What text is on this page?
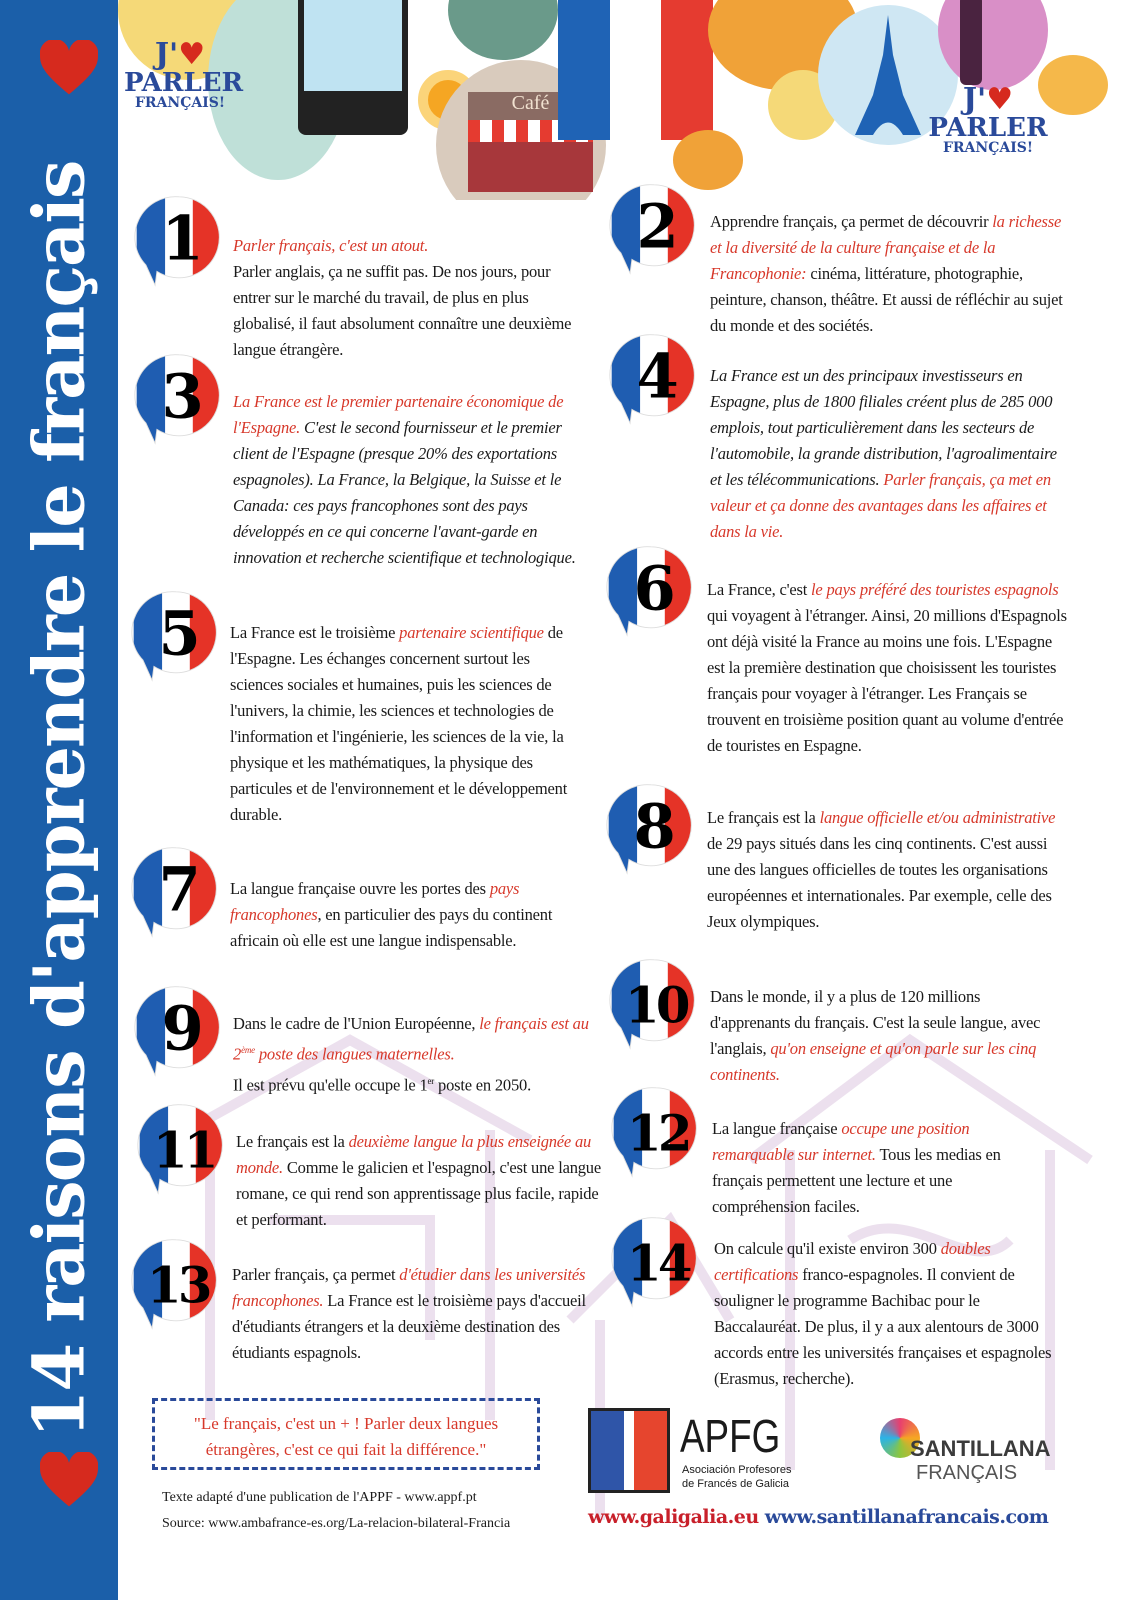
14 raisons d'apprendre le français
Café
J'♥
PARLER
FRANÇAIS!	J'♥
PARLER
FRANÇAIS!
1 Parler français, c'est un atout.
Parler anglais, ça ne suffit pas. De nos jours, pour entrer sur le marché du travail, de plus en plus globalisé, il faut absolument connaître une deuxième langue étrangère.
2 Apprendre français, ça permet de découvrir la richesse et la diversité de la culture française et de la Francophonie: cinéma, littérature, photographie, peinture, chanson, théâtre. Et aussi de réfléchir au sujet du monde et des sociétés.
3 La France est le premier partenaire économique de l'Espagne. C'est le second fournisseur et le premier client de l'Espagne (presque 20% des exportations espagnoles). La France, la Belgique, la Suisse et le Canada: ces pays francophones sont des pays développés en ce qui concerne l'avant-garde en innovation et recherche scientifique et technologique.
4 La France est un des principaux investisseurs en Espagne, plus de 1800 filiales créent plus de 285 000 emplois, tout particulièrement dans les secteurs de l'automobile, la grande distribution, l'agroalimentaire et les télécommunications. Parler français, ça met en valeur et ça donne des avantages dans les affaires et dans la vie.
5 La France est le troisième partenaire scientifique de l'Espagne. Les échanges concernent surtout les sciences sociales et humaines, puis les sciences de l'univers, la chimie, les sciences et technologies de l'information et l'ingénierie, les sciences de la vie, la physique et les mathématiques, la physique des particules et de l'environnement et le développement durable.
6 La France, c'est le pays préféré des touristes espagnols qui voyagent à l'étranger. Ainsi, 20 millions d'Espagnols ont déjà visité la France au moins une fois. L'Espagne est la première destination que choisissent les touristes français pour voyager à l'étranger. Les Français se trouvent en troisième position quant au volume d'entrée de touristes en Espagne.
7 La langue française ouvre les portes des pays francophones, en particulier des pays du continent africain où elle est une langue indispensable.
8 Le français est la langue officielle et/ou administrative de 29 pays situés dans les cinq continents. C'est aussi une des langues officielles de toutes les organisations européennes et internationales. Par exemple, celle des Jeux olympiques.
9 Dans le cadre de l'Union Européenne, le français est au 2ème poste des langues maternelles.
Il est prévu qu'elle occupe le 1er poste en 2050.
10 Dans le monde, il y a plus de 120 millions d'apprenants du français. C'est la seule langue, avec l'anglais, qu'on enseigne et qu'on parle sur les cinq continents.
11 Le français est la deuxième langue la plus enseignée au monde. Comme le galicien et l'espagnol, c'est une langue romane, ce qui rend son apprentissage plus facile, rapide et performant.
12 La langue française occupe une position remarquable sur internet. Tous les medias en français permettent une lecture et une compréhension faciles.
13 Parler français, ça permet d'étudier dans les universités francophones. La France est le troisième pays d'accueil d'étudiants étrangers et la deuxième destination des étudiants espagnols.
14 On calcule qu'il existe environ 300 doubles certifications franco-espagnoles. Il convient de souligner le programme Bachibac pour le Baccalauréat. De plus, il y a aux alentours de 3000 accords entre les universités françaises et espagnoles (Erasmus, recherche).
"Le français, c'est un + ! Parler deux langues étrangères, c'est ce qui fait la différence."
Texte adapté d'une publication de l'APPF - www.appf.pt
Source: www.ambafrance-es.org/La-relacion-bilateral-Francia
APFG
Asociación Profesores
de Francés de Galicia
SANTILLANA
FRANÇAIS
www.galigalia.eu www.santillanafrancais.com
